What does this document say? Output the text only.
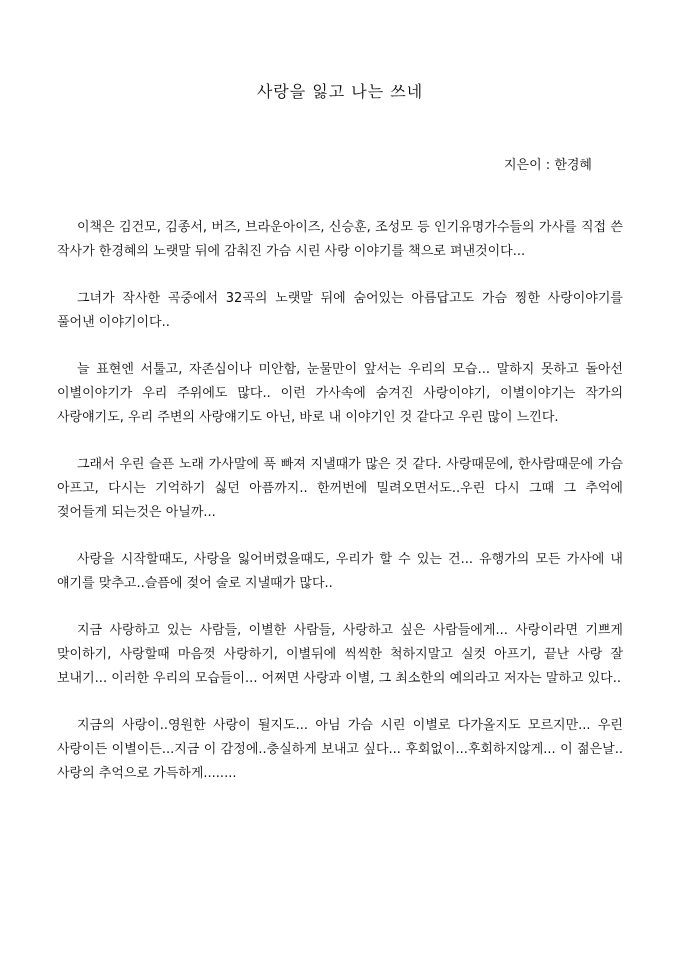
사랑을 잃고 나는 쓰네
지은이 : 한경혜

이책은 김건모, 김종서, 버즈, 브라운아이즈, 신승훈, 조성모 등 인기유명가수들의 가사를 직접 쓴 작사가 한경혜의 노랫말 뒤에 감춰진 가슴 시린 사랑 이야기를 책으로 펴낸것이다...

그녀가 작사한 곡중에서 32곡의 노랫말 뒤에 숨어있는 아름답고도 가슴 찡한 사랑이야기를 풀어낸 이야기이다..

늘 표현엔 서툴고, 자존심이나 미안함, 눈물만이 앞서는 우리의 모습... 말하지 못하고 돌아선 이별이야기가 우리 주위에도 많다.. 이런 가사속에 숨겨진 사랑이야기, 이별이야기는 작가의 사랑얘기도, 우리 주변의 사랑얘기도 아닌, 바로 내 이야기인 것 같다고 우린 많이 느낀다.

그래서 우린 슬픈 노래 가사말에 푹 빠져 지낼때가 많은 것 같다. 사랑때문에, 한사람때문에 가슴 아프고, 다시는 기억하기 싫던 아픔까지.. 한꺼번에 밀려오면서도..우린 다시 그때 그 추억에 젖어들게 되는것은 아닐까...

사랑을 시작할때도, 사랑을 잃어버렸을때도, 우리가 할 수 있는 건... 유행가의 모든 가사에 내 얘기를 맞추고..슬픔에 젖어 술로 지낼때가 많다..

지금 사랑하고 있는 사람들, 이별한 사람들, 사랑하고 싶은 사람들에게... 사랑이라면 기쁘게 맞이하기, 사랑할때 마음껏 사랑하기, 이별뒤에 씩씩한 척하지말고 실컷 아프기, 끝난 사랑 잘 보내기... 이러한 우리의 모습들이... 어쩌면 사랑과 이별, 그 최소한의 예의라고 저자는 말하고 있다..

지금의 사랑이..영원한 사랑이 될지도... 아님 가슴 시린 이별로 다가올지도 모르지만... 우린 사랑이든 이별이든...지금 이 감정에..충실하게 보내고 싶다... 후회없이...후회하지않게... 이 젊은날.. 사랑의 추억으로 가득하게........
